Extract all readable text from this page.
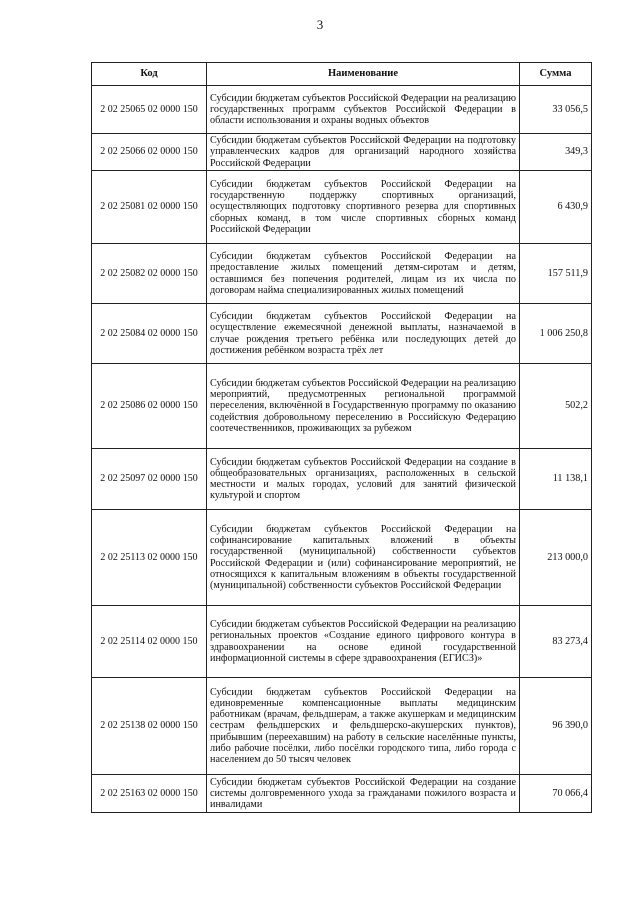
3
Код	Наименование	Сумма
2 02 25065 02 0000 150	Субсидии бюджетам субъектов Российской Федерации на реализацию государственных программ субъектов Российской Федерации в области использования и охраны водных объектов	33 056,5
2 02 25066 02 0000 150	Субсидии бюджетам субъектов Российской Федерации на подготовку управленческих кадров для организаций народного хозяйства Российской Федерации	349,3
2 02 25081 02 0000 150	Субсидии бюджетам субъектов Российской Федерации на государственную поддержку спортивных организаций, осуществляющих подготовку спортивного резерва для спортивных сборных команд, в том числе спортивных сборных команд Российской Федерации	6 430,9
2 02 25082 02 0000 150	Субсидии бюджетам субъектов Российской Федерации на предоставление жилых помещений детям-сиротам и детям, оставшимся без попечения родителей, лицам из их числа по договорам найма специализированных жилых помещений	157 511,9
2 02 25084 02 0000 150	Субсидии бюджетам субъектов Российской Федерации на осуществление ежемесячной денежной выплаты, назначаемой в случае рождения третьего ребёнка или последующих детей до достижения ребёнком возраста трёх лет	1 006 250,8
2 02 25086 02 0000 150	Субсидии бюджетам субъектов Российской Федерации на реализацию мероприятий, предусмотренных региональной программой переселения, включённой в Государственную программу по оказанию содействия добровольному переселению в Российскую Федерацию соотечественников, проживающих за рубежом	502,2
2 02 25097 02 0000 150	Субсидии бюджетам субъектов Российской Федерации на создание в общеобразовательных организациях, расположенных в сельской местности и малых городах, условий для занятий физической культурой и спортом	11 138,1
2 02 25113 02 0000 150	Субсидии бюджетам субъектов Российской Федерации на софинансирование капитальных вложений в объекты государственной (муниципальной) собственности субъектов Российской Федерации и (или) софинансирование мероприятий, не относящихся к капитальным вложениям в объекты государственной (муниципальной) собственности субъектов Российской Федерации	213 000,0
2 02 25114 02 0000 150	Субсидии бюджетам субъектов Российской Федерации на реализацию региональных проектов «Создание единого цифрового контура в здравоохранении на основе единой государственной информационной системы в сфере здравоохранения (ЕГИСЗ)»	83 273,4
2 02 25138 02 0000 150	Субсидии бюджетам субъектов Российской Федерации на единовременные компенсационные выплаты медицинским работникам (врачам, фельдшерам, а также акушеркам и медицинским сестрам фельдшерских и фельдшерско-акушерских пунктов), прибывшим (переехавшим) на работу в сельские населённые пункты, либо рабочие посёлки, либо посёлки городского типа, либо города с населением до 50 тысяч человек	96 390,0
2 02 25163 02 0000 150	Субсидии бюджетам субъектов Российской Федерации на создание системы долговременного ухода за гражданами пожилого возраста и инвалидами	70 066,4
